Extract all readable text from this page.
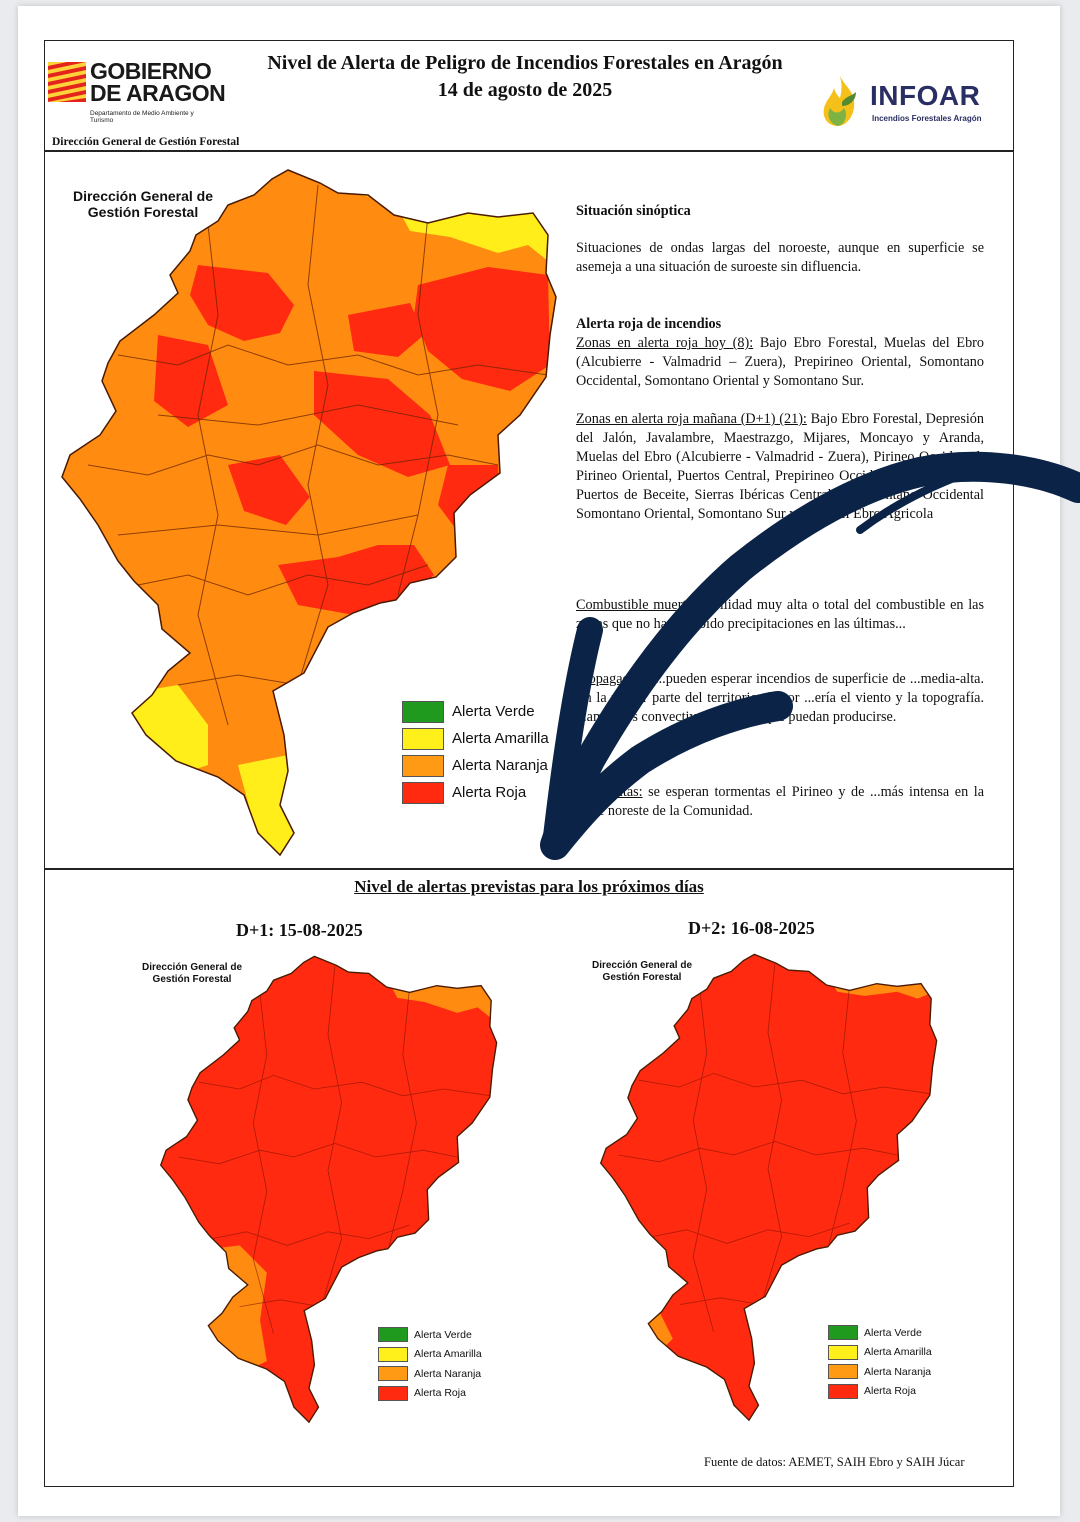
GOBIERNO
DE ARAGON
Departamento de Medio Ambiente y Turismo
Dirección General de Gestión Forestal
Nivel de Alerta de Peligro de Incendios Forestales en Aragón
14 de agosto de 2025	INFOAR
Incendios Forestales Aragón
Dirección General de Gestión Forestal
Alerta Verde
Alerta Amarilla
Alerta Naranja
Alerta Roja

Situación sinóptica

Situaciones de ondas largas del noroeste, aunque en superficie se asemeja a una situación de suroeste sin difluencia.

Alerta roja de incendios

Zonas en alerta roja hoy (8): Bajo Ebro Forestal, Muelas del Ebro (Alcubierre - Valmadrid – Zuera), Prepirineo Oriental, Somontano Occidental, Somontano Oriental y Somontano Sur.

Zonas en alerta roja mañana (D+1) (21): Bajo Ebro Forestal, Depresión del Jalón, Javalambre, Maestrazgo, Mijares, Moncayo y Aranda, Muelas del Ebro (Alcubierre - Valmadrid - Zuera), Pirineo Occidental, Pirineo Oriental, Puertos Central, Prepirineo Occidental, Prepirineo ... Puertos de Beceite, Sierras Ibéricas Centrales, Somontano Occidental Somontano Oriental, Somontano Sur y Valle del Ebro Agricola

Combustible muerto: ...bilidad muy alta o total del combustible en las zonas que no han recibido precipitaciones en las últimas...

Propagación: ...pueden esperar incendios de superficie de ...media-alta. En la mayor parte del territorio el ...or ...ería el viento y la topografía. ...amientos convectivos ya que ...que puedan producirse.

...ormentas: se esperan tormentas el Pirineo y de ...más intensa en la parte noreste de la Comunidad.

Nivel de alertas previstas para los próximos días
D+1: 15-08-2025	D+2: 16-08-2025
Dirección General de Gestión Forestal
Dirección General de Gestión Forestal
Alerta Verde
Alerta Amarilla
Alerta Naranja
Alerta Roja
Alerta Verde
Alerta Amarilla
Alerta Naranja
Alerta Roja
Fuente de datos: AEMET, SAIH Ebro y SAIH Júcar
